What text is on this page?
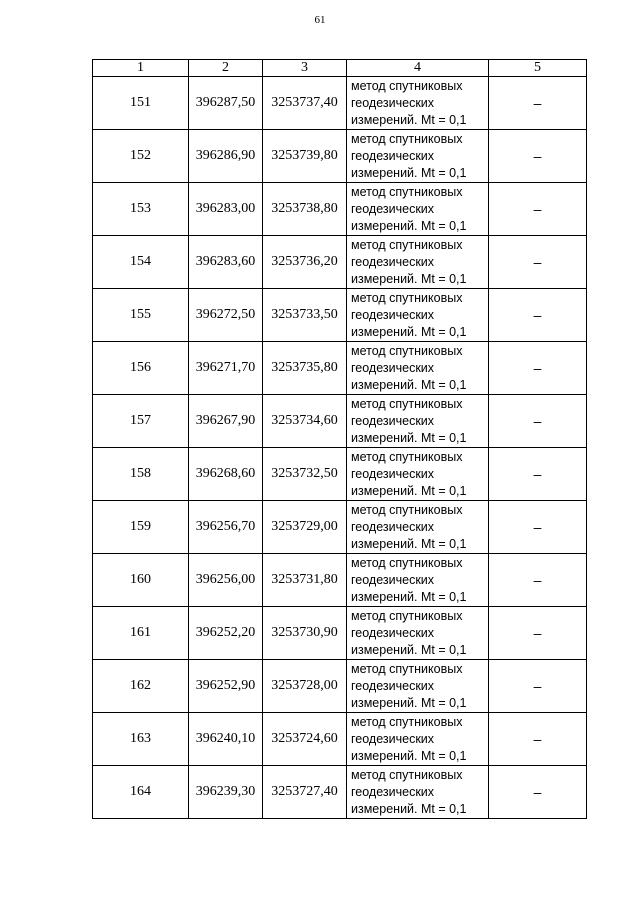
61
1	2	3	4	5
151	396287,50	3253737,40	метод спутниковых
геодезических
измерений. Mt = 0,1	–
152	396286,90	3253739,80	метод спутниковых
геодезических
измерений. Mt = 0,1	–
153	396283,00	3253738,80	метод спутниковых
геодезических
измерений. Mt = 0,1	–
154	396283,60	3253736,20	метод спутниковых
геодезических
измерений. Mt = 0,1	–
155	396272,50	3253733,50	метод спутниковых
геодезических
измерений. Mt = 0,1	–
156	396271,70	3253735,80	метод спутниковых
геодезических
измерений. Mt = 0,1	–
157	396267,90	3253734,60	метод спутниковых
геодезических
измерений. Mt = 0,1	–
158	396268,60	3253732,50	метод спутниковых
геодезических
измерений. Mt = 0,1	–
159	396256,70	3253729,00	метод спутниковых
геодезических
измерений. Mt = 0,1	–
160	396256,00	3253731,80	метод спутниковых
геодезических
измерений. Mt = 0,1	–
161	396252,20	3253730,90	метод спутниковых
геодезических
измерений. Mt = 0,1	–
162	396252,90	3253728,00	метод спутниковых
геодезических
измерений. Mt = 0,1	–
163	396240,10	3253724,60	метод спутниковых
геодезических
измерений. Mt = 0,1	–
164	396239,30	3253727,40	метод спутниковых
геодезических
измерений. Mt = 0,1	–
